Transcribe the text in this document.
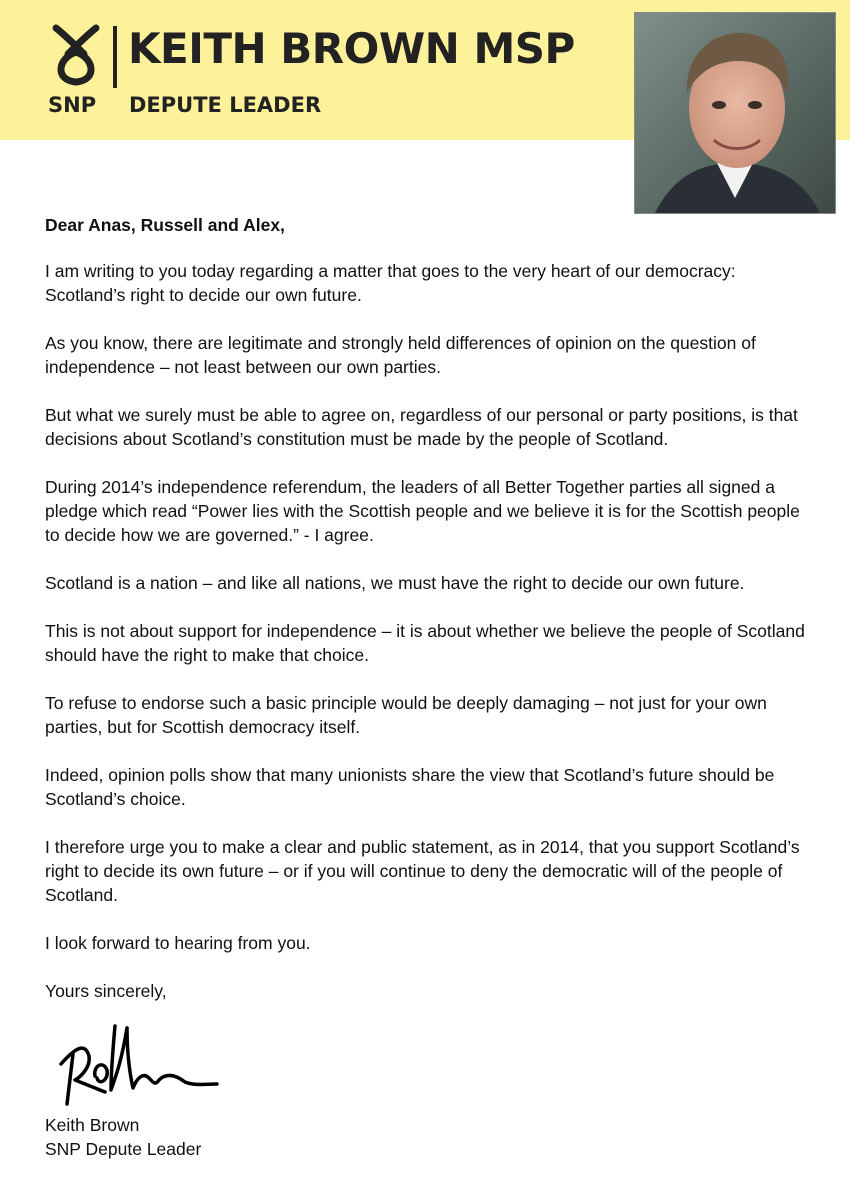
KEITH BROWN MSP
SNP DEPUTE LEADER

Dear Anas, Russell and Alex,

I am writing to you today regarding a matter that goes to the very heart of our democracy: Scotland’s right to decide our own future.

As you know, there are legitimate and strongly held differences of opinion on the question of independence – not least between our own parties.

But what we surely must be able to agree on, regardless of our personal or party positions, is that decisions about Scotland’s constitution must be made by the people of Scotland.

During 2014’s independence referendum, the leaders of all Better Together parties all signed a pledge which read “Power lies with the Scottish people and we believe it is for the Scottish people to decide how we are governed.” - I agree.

Scotland is a nation – and like all nations, we must have the right to decide our own future.

This is not about support for independence – it is about whether we believe the people of Scotland should have the right to make that choice.

To refuse to endorse such a basic principle would be deeply damaging – not just for your own parties, but for Scottish democracy itself.

Indeed, opinion polls show that many unionists share the view that Scotland’s future should be Scotland’s choice.

I therefore urge you to make a clear and public statement, as in 2014, that you support Scotland’s right to decide its own future – or if you will continue to deny the democratic will of the people of Scotland.

I look forward to hearing from you.

Yours sincerely,

Keith Brown
SNP Depute Leader
